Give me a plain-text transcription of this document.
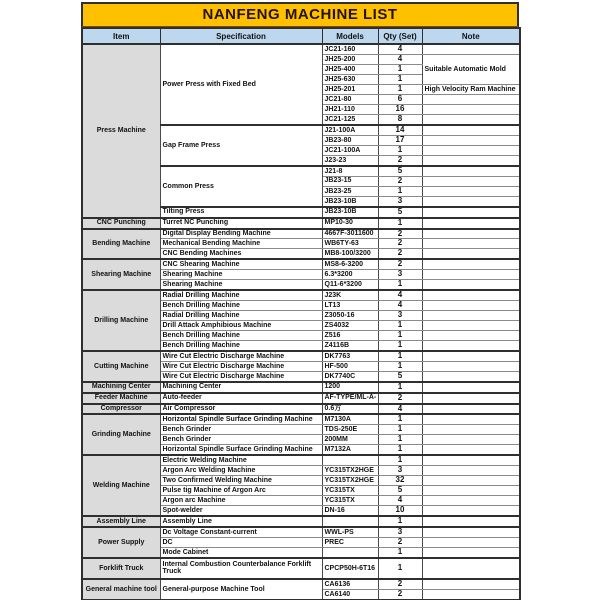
NANFENG MACHINE LIST
Item	Specification	Models	Qty (Set)	Note
Press Machine	Power Press with Fixed Bed	JC21-160	4	
		JH25-200	4	Suitable Automatic Mold
		JH25-400	1	
		JH25-630	1	
		JH25-201	1	High Velocity Ram Machine
		JC21-80	6	
		JH21-110	16	
		JC21-125	8	
	Gap Frame Press	J21-100A	14	
		JB23-80	17	
		JC21-100A	1	
		J23-23	2	
	Common Press	J21-8	5	
		JB23-15	2	
		JB23-25	1	
		JB23-10B	3	
	Tilting Press	JB23-10B	5	
CNC Punching	Turret NC Punching	MP10-30	1	
Bending Machine	Digital Display Bending Machine	4667F-3011600	2	
	Mechanical Bending Machine	WB6TY-63	2	
	CNC Bending Machines	MB8-100/3200	2	
Shearing Machine	CNC Shearing Machine	MS8-6-3200	2	
	Shearing Machine	6.3*3200	3	
	Shearing Machine	Q11-6*3200	1	
Drilling Machine	Radial Drilling Machine	J23K	4	
	Bench Drilling Machine	LT13	4	
	Radial Drilling Machine	Z3050-16	3	
	Drill Attack Amphibious Machine	ZS4032	1	
	Bench Drilling Machine	Z516	1	
	Bench Drilling Machine	Z4116B	1	
Cutting Machine	Wire Cut Electric Discharge Machine	DK7763	1	
	Wire Cut Electric Discharge Machine	HF-500	1	
	Wire Cut Electric Discharge Machine	DK7740C	5	
Machining Center	Machining Center	1200	1	
Feeder Machine	Auto-feeder	AF-TYPE/ML-A-	2	
Compressor	Air Compressor	0.6方	4	
Grinding Machine	Horizontal Spindle Surface Grinding Machine	M7130A	1	
	Bench Grinder	TDS-250E	1	
	Bench Grinder	200MM	1	
	Horizontal Spindle Surface Grinding Machine	M7132A	1	
Welding Machine	Electric Welding Machine		1	
	Argon Arc Welding Machine	YC315TX2HGE	3	
	Two Confirmed Welding Machine	YC315TX2HGE	32	
	Pulse tig Machine of Argon Arc	YC315TX	5	
	Argon arc Machine	YC315TX	4	
	Spot-welder	DN-16	10	
Assembly Line	Assembly Line		1	
Power Supply	Dc Voltage Constant-current	WWL-PS	3	
	DC	PREC	2	
	Mode Cabinet		1	
Forklift Truck	Internal Combustion Counterbalance Forklift Truck	CPCP50H-6T16	1	
General machine tool	General-purpose Machine Tool	CA6136	2	
		CA6140	2	
